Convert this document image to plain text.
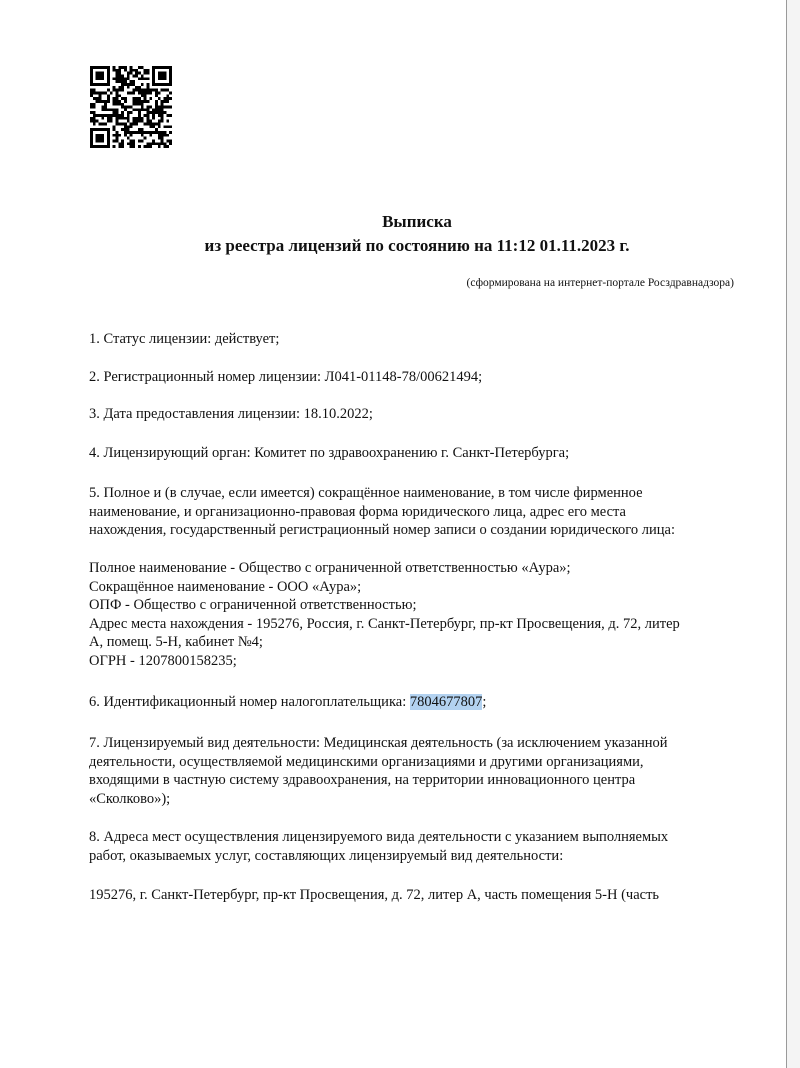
Выписка
из реестра лицензий по состоянию на 11:12 01.11.2023 г.
(сформирована на интернет-портале Росздравнадзора)
1. Статус лицензии: действует;
2. Регистрационный номер лицензии: Л041-01148-78/00621494;
3. Дата предоставления лицензии: 18.10.2022;
4. Лицензирующий орган: Комитет по здравоохранению г. Санкт-Петербурга;
5. Полное и (в случае, если имеется) сокращённое наименование, в том числе фирменное
наименование, и организационно-правовая форма юридического лица, адрес его места
нахождения, государственный регистрационный номер записи о создании юридического лица:
Полное наименование - Общество с ограниченной ответственностью «Аура»;
Сокращённое наименование - ООО «Аура»;
ОПФ - Общество с ограниченной ответственностью;
Адрес места нахождения - 195276, Россия, г. Санкт-Петербург, пр-кт Просвещения, д. 72, литер
А, помещ. 5-Н, кабинет №4;
ОГРН - 1207800158235;
6. Идентификационный номер налогоплательщика: 7804677807;
7. Лицензируемый вид деятельности: Медицинская деятельность (за исключением указанной
деятельности, осуществляемой медицинскими организациями и другими организациями,
входящими в частную систему здравоохранения, на территории инновационного центра
«Сколково»);
8. Адреса мест осуществления лицензируемого вида деятельности с указанием выполняемых
работ, оказываемых услуг, составляющих лицензируемый вид деятельности:
195276, г. Санкт-Петербург, пр-кт Просвещения, д. 72, литер А, часть помещения 5-Н (часть
